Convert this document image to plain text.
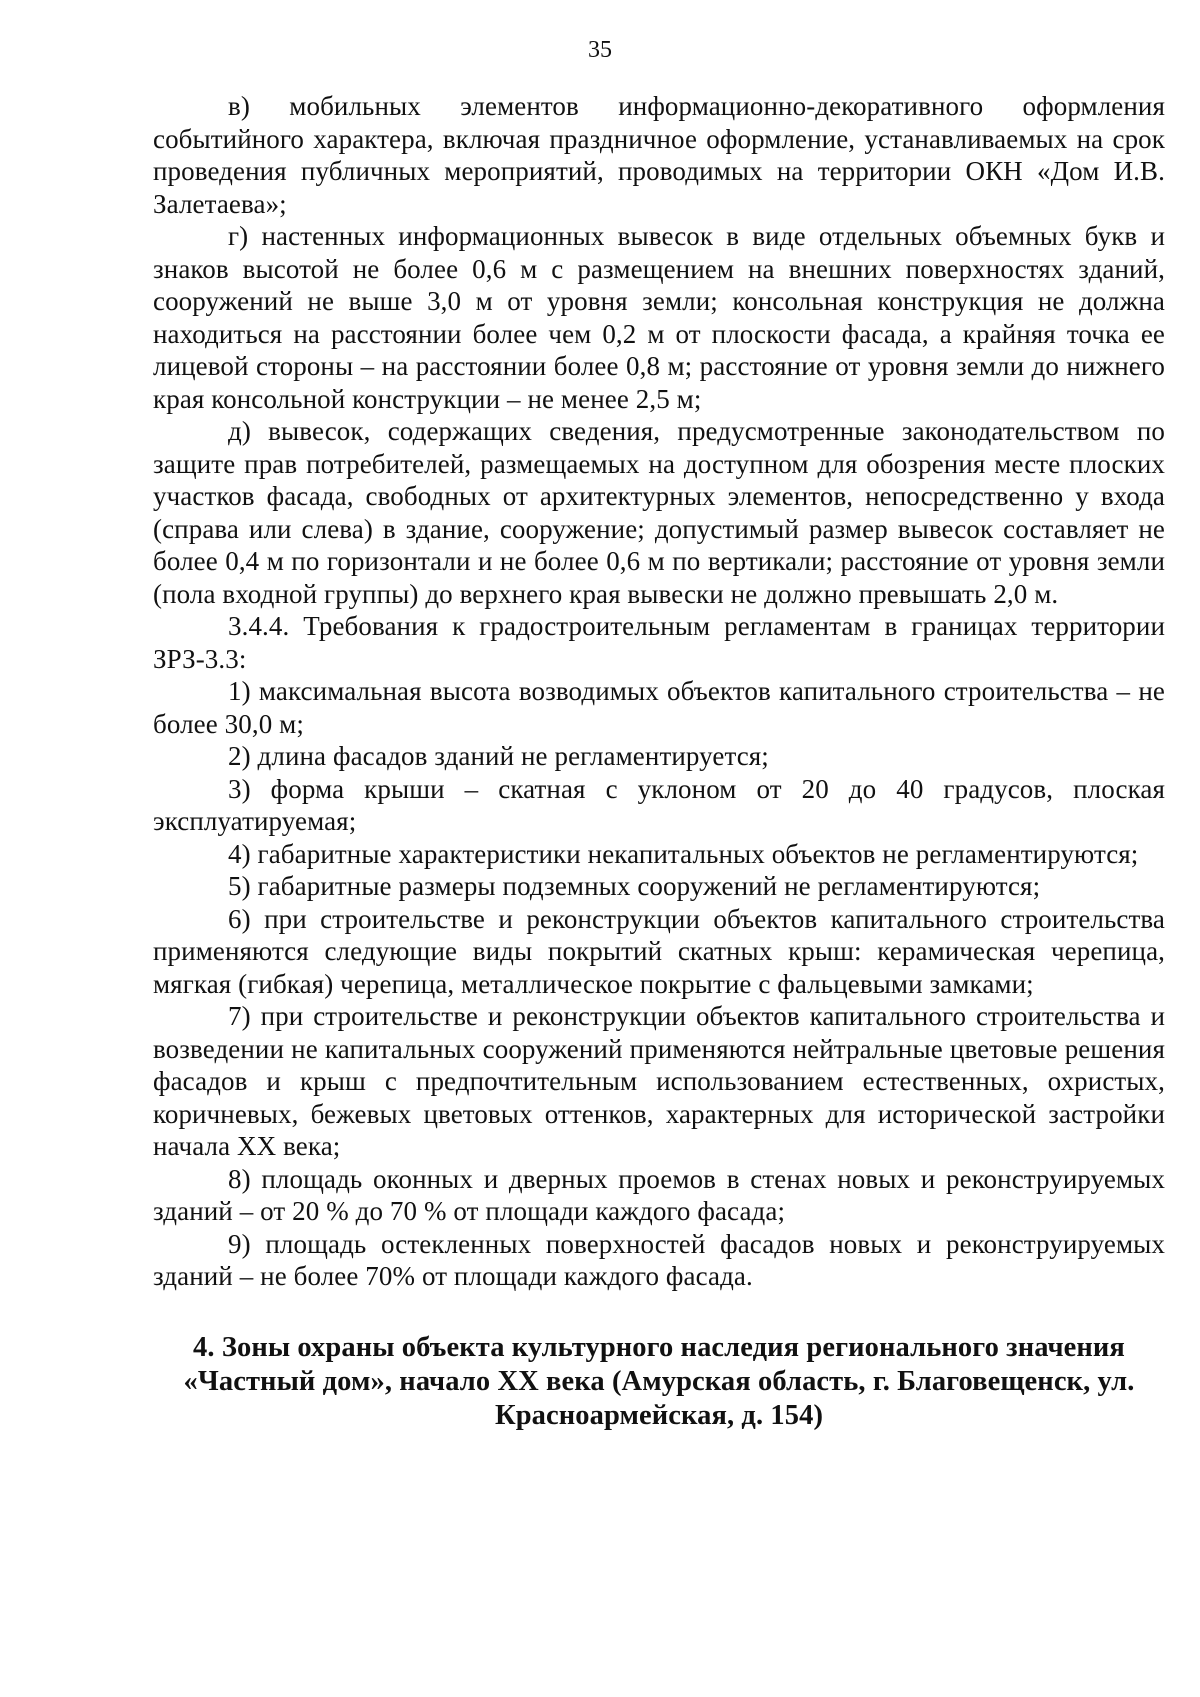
35

в) мобильных элементов информационно-декоративного оформления событийного характера, включая праздничное оформление, устанавливаемых на срок проведения публичных мероприятий, проводимых на территории ОКН «Дом И.В. Залетаева»;

г) настенных информационных вывесок в виде отдельных объемных букв и знаков высотой не более 0,6 м с размещением на внешних поверхностях зданий, сооружений не выше 3,0 м от уровня земли; консольная конструкция не должна находиться на расстоянии более чем 0,2 м от плоскости фасада, а крайняя точка ее лицевой стороны – на расстоянии более 0,8 м; расстояние от уровня земли до нижнего края консольной конструкции – не менее 2,5 м;

д) вывесок, содержащих сведения, предусмотренные законодательством по защите прав потребителей, размещаемых на доступном для обозрения месте плоских участков фасада, свободных от архитектурных элементов, непосредственно у входа (справа или слева) в здание, сооружение; допустимый размер вывесок составляет не более 0,4 м по горизонтали и не более 0,6 м по вертикали; расстояние от уровня земли (пола входной группы) до верхнего края вывески не должно превышать 2,0 м.

3.4.4. Требования к градостроительным регламентам в границах территории ЗРЗ-3.3:

1) максимальная высота возводимых объектов капитального строительства – не более 30,0 м;

2) длина фасадов зданий не регламентируется;

3) форма крыши – скатная с уклоном от 20 до 40 градусов, плоская эксплуатируемая;

4) габаритные характеристики некапитальных объектов не регламентируются;

5) габаритные размеры подземных сооружений не регламентируются;

6) при строительстве и реконструкции объектов капитального строительства применяются следующие виды покрытий скатных крыш: керамическая черепица, мягкая (гибкая) черепица, металлическое покрытие с фальцевыми замками;

7) при строительстве и реконструкции объектов капитального строительства и возведении не капитальных сооружений применяются нейтральные цветовые решения фасадов и крыш с предпочтительным использованием естественных, охристых, коричневых, бежевых цветовых оттенков, характерных для исторической застройки начала XX века;

8) площадь оконных и дверных проемов в стенах новых и реконструируемых зданий – от 20 % до 70 % от площади каждого фасада;

9) площадь остекленных поверхностей фасадов новых и реконструируемых зданий – не более 70% от площади каждого фасада.

4. Зоны охраны объекта культурного наследия регионального значения «Частный дом», начало XX века (Амурская область, г. Благовещенск, ул. Красноармейская, д. 154)
